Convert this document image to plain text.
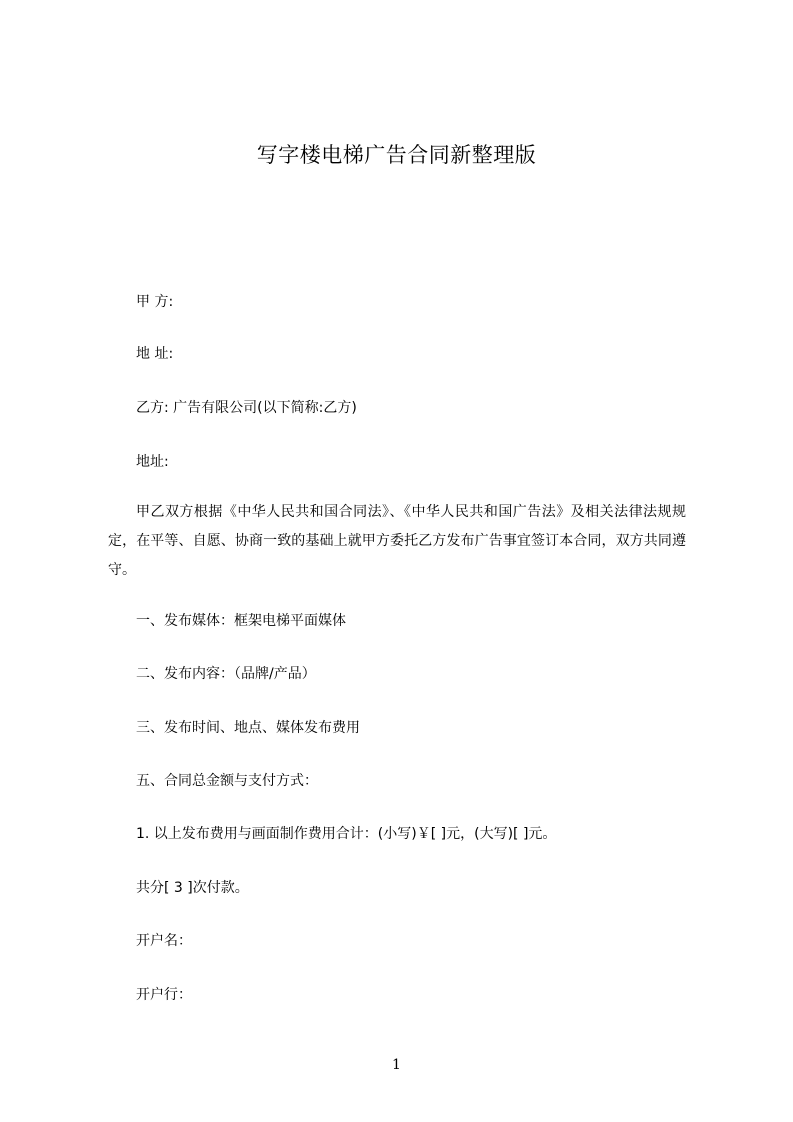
写字楼电梯广告合同新整理版
甲 方:
地 址:
乙方: 广告有限公司(以下简称:乙方)
地址:
甲乙双方根据《中华人民共和国合同法》、《中华人民共和国广告法》及相关法律法规规定，在平等、自愿、协商一致的基础上就甲方委托乙方发布广告事宜签订本合同，双方共同遵守。
一、发布媒体：框架电梯平面媒体
二、发布内容：（品牌/产品）
三、发布时间、地点、媒体发布费用
五、合同总金额与支付方式：
1. 以上发布费用与画面制作费用合计：(小写)￥[ ]元，(大写)[ ]元。
共分[ 3 ]次付款。
开户名：
开户行：
1
